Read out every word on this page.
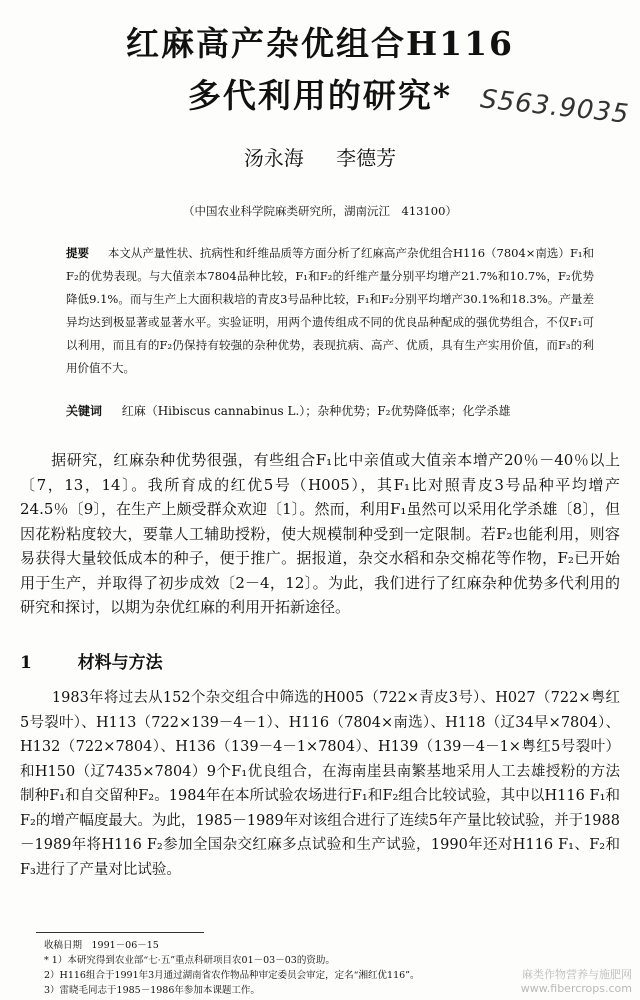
红麻高产杂优组合H116
多代利用的研究*	S563.9035
汤永海 李德芳
（中国农业科学院麻类研究所，湖南沅江　413100）
提要 　 本文从产量性状、抗病性和纤维品质等方面分析了红麻高产杂优组合H116（7804×南选）F₁和F₂的优势表现。与大值亲本7804品种比较，F₁和F₂的纤维产量分别平均增产21.7%和10.7%，F₂优势降低9.1%。而与生产上大面积栽培的青皮3号品种比较，F₁和F₂分别平均增产30.1%和18.3%。产量差异均达到极显著或显著水平。实验证明，用两个遗传组成不同的优良品种配成的强优势组合，不仅F₁可以利用，而且有的F₂仍保持有较强的杂种优势，表现抗病、高产、优质，具有生产实用价值，而F₃的利用价值不大。
关键词 　 红麻（Hibiscus cannabinus L.）；杂种优势；F₂优势降低率；化学杀雄
　　据研究，红麻杂种优势很强，有些组合F₁比中亲值或大值亲本增产20％－40％以上〔7，13，14〕。我所育成的红优5号（H005），其F₁比对照青皮3号品种平均增产24.5％〔9〕，在生产上颇受群众欢迎〔1〕。然而，利用F₁虽然可以采用化学杀雄〔8〕，但因花粉粘度较大，要靠人工辅助授粉，使大规模制种受到一定限制。若F₂也能利用，则容易获得大量较低成本的种子，便于推广。据报道，杂交水稻和杂交棉花等作物，F₂已开始用于生产，并取得了初步成效〔2－4，12〕。为此，我们进行了红麻杂种优势多代利用的研究和探讨，以期为杂优红麻的利用开拓新途径。
1 　　	材料与方法
1983年将过去从152个杂交组合中筛选的H005（722×青皮3号）、H027（722×粤红5号裂叶）、H113（722×139－4－1）、H116（7804×南选）、H118（辽34早×7804）、H132（722×7804）、H136（139－4－1×7804）、H139（139－4－1×粤红5号裂叶）和H150（辽7435×7804）9个F₁优良组合，在海南崖县南繁基地采用人工去雄授粉的方法制种F₁和自交留种F₂。1984年在本所试验农场进行F₁和F₂组合比较试验，其中以H116 F₁和F₂的增产幅度最大。为此，1985－1989年对该组合进行了连续5年产量比较试验，并于1988－1989年将H116 F₂参加全国杂交红麻多点试验和生产试验，1990年还对H116 F₁、F₂和F₃进行了产量对比试验。
收稿日期　1991－06－15
* 1）本研究得到农业部“七·五”重点科研项目农01－03－03的资助。
2）H116组合于1991年3月通过湖南省农作物品种审定委员会审定，定名“湘红优116”。
3）雷晓毛同志于1985－1986年参加本课题工作。
麻类作物营养与施肥网
www.fibercrops.com
